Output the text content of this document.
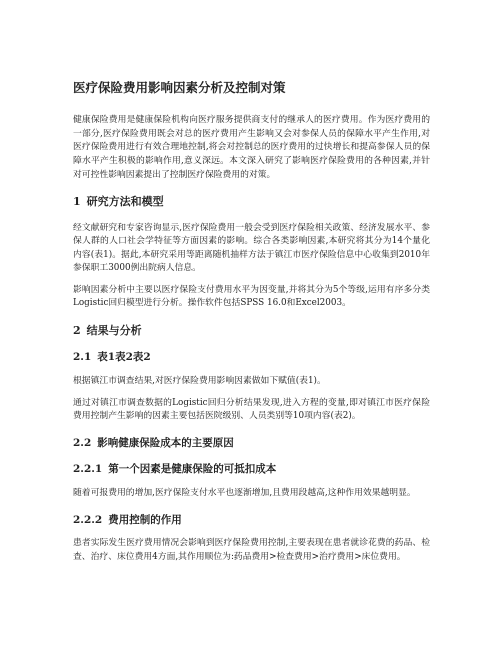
医疗保险费用影响因素分析及控制对策

健康保险费用是健康保险机构向医疗服务提供商支付的继承人的医疗费用。作为医疗费用的一部分,医疗保险费用既会对总的医疗费用产生影响又会对参保人员的保障水平产生作用,对医疗保险费用进行有效合理地控制,将会对控制总的医疗费用的过快增长和提高参保人员的保障水平产生积极的影响作用,意义深远。本文深入研究了影响医疗保险费用的各种因素,并针对可控性影响因素提出了控制医疗保险费用的对策。

1 研究方法和模型

经文献研究和专家咨询显示,医疗保险费用一般会受到医疗保险相关政策、经济发展水平、参保人群的人口社会学特征等方面因素的影响。综合各类影响因素,本研究将其分为14个量化内容(表1)。据此,本研究采用等距离随机抽样方法于镇江市医疗保险信息中心收集到2010年参保职工3000例出院病人信息。

影响因素分析中主要以医疗保险支付费用水平为因变量,并将其分为5个等级,运用有序多分类Logistic回归模型进行分析。操作软件包括SPSS 16.0和Excel2003。

2 结果与分析
2.1 表1表2表2

根据镇江市调查结果,对医疗保险费用影响因素做如下赋值(表1)。

通过对镇江市调查数据的Logistic回归分析结果发现,进入方程的变量,即对镇江市医疗保险费用控制产生影响的因素主要包括医院级别、人员类别等10项内容(表2)。

2.2 影响健康保险成本的主要原因
2.2.1 第一个因素是健康保险的可抵扣成本

随着可报费用的增加,医疗保险支付水平也逐渐增加,且费用段越高,这种作用效果越明显。

2.2.2 费用控制的作用

患者实际发生医疗费用情况会影响到医疗保险费用控制,主要表现在患者就诊花费的药品、检查、治疗、床位费用4方面,其作用顺位为:药品费用>检查费用>治疗费用>床位费用。
